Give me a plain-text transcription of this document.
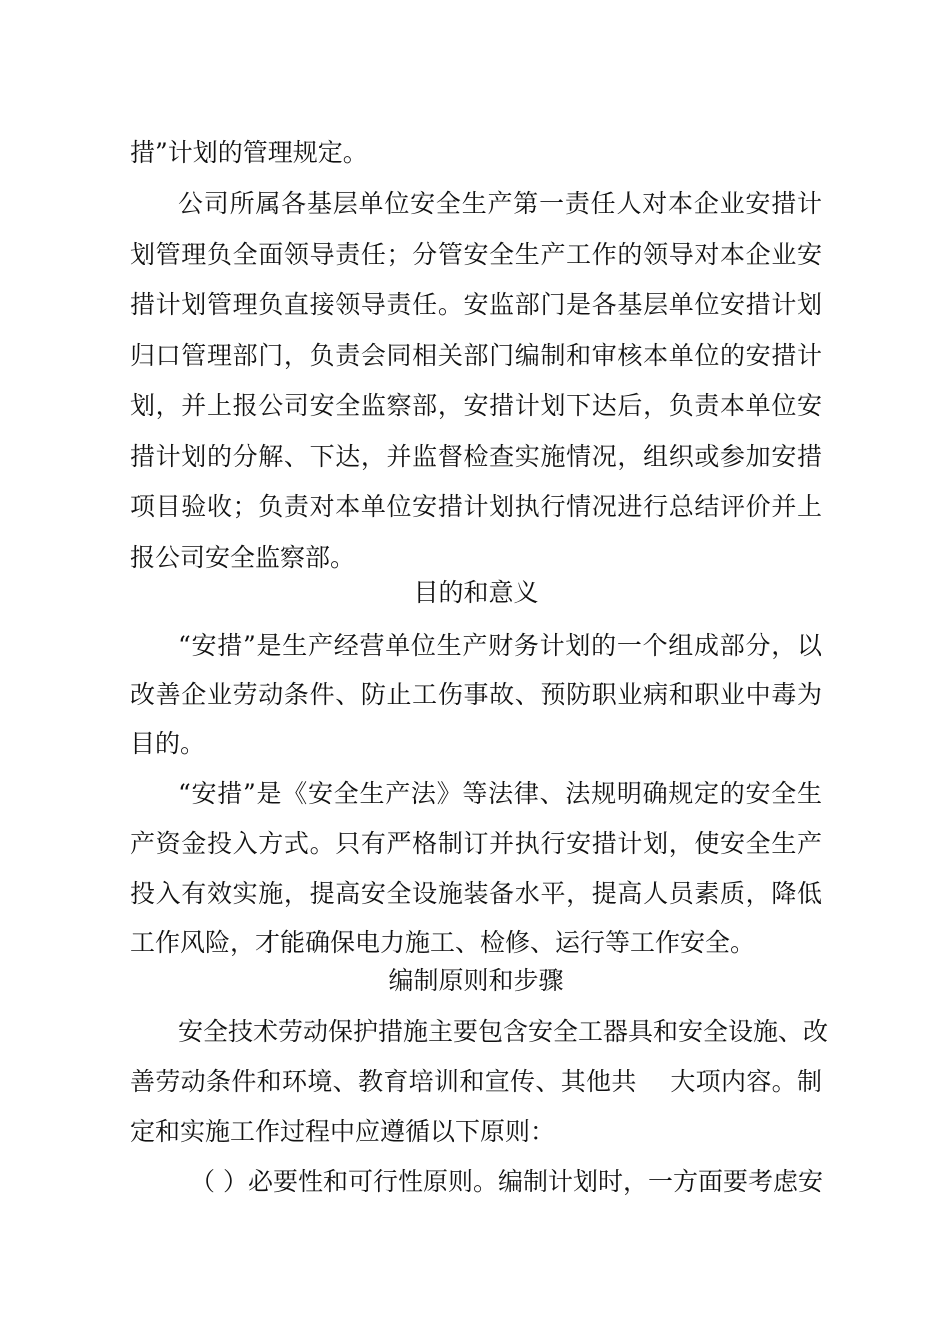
措”计划的管理规定。
公司所属各基层单位安全生产第一责任人对本企业安措计
划管理负全面领导责任；分管安全生产工作的领导对本企业安
措计划管理负直接领导责任。安监部门是各基层单位安措计划
归口管理部门，负责会同相关部门编制和审核本单位的安措计
划，并上报公司安全监察部，安措计划下达后，负责本单位安
措计划的分解、下达，并监督检查实施情况，组织或参加安措
项目验收；负责对本单位安措计划执行情况进行总结评价并上
报公司安全监察部。
目的和意义
“安措”是生产经营单位生产财务计划的一个组成部分，以
改善企业劳动条件、防止工伤事故、预防职业病和职业中毒为
目的。
“安措”是《安全生产法》等法律、法规明确规定的安全生
产资金投入方式。只有严格制订并执行安措计划，使安全生产
投入有效实施，提高安全设施装备水平，提高人员素质，降低
工作风险，才能确保电力施工、检修、运行等工作安全。
编制原则和步骤
安全技术劳动保护措施主要包含安全工器具和安全设施、改
善劳动条件和环境、教育培训和宣传、其他共　 大项内容。制
定和实施工作过程中应遵循以下原则：
（ ）必要性和可行性原则。编制计划时，一方面要考虑安
